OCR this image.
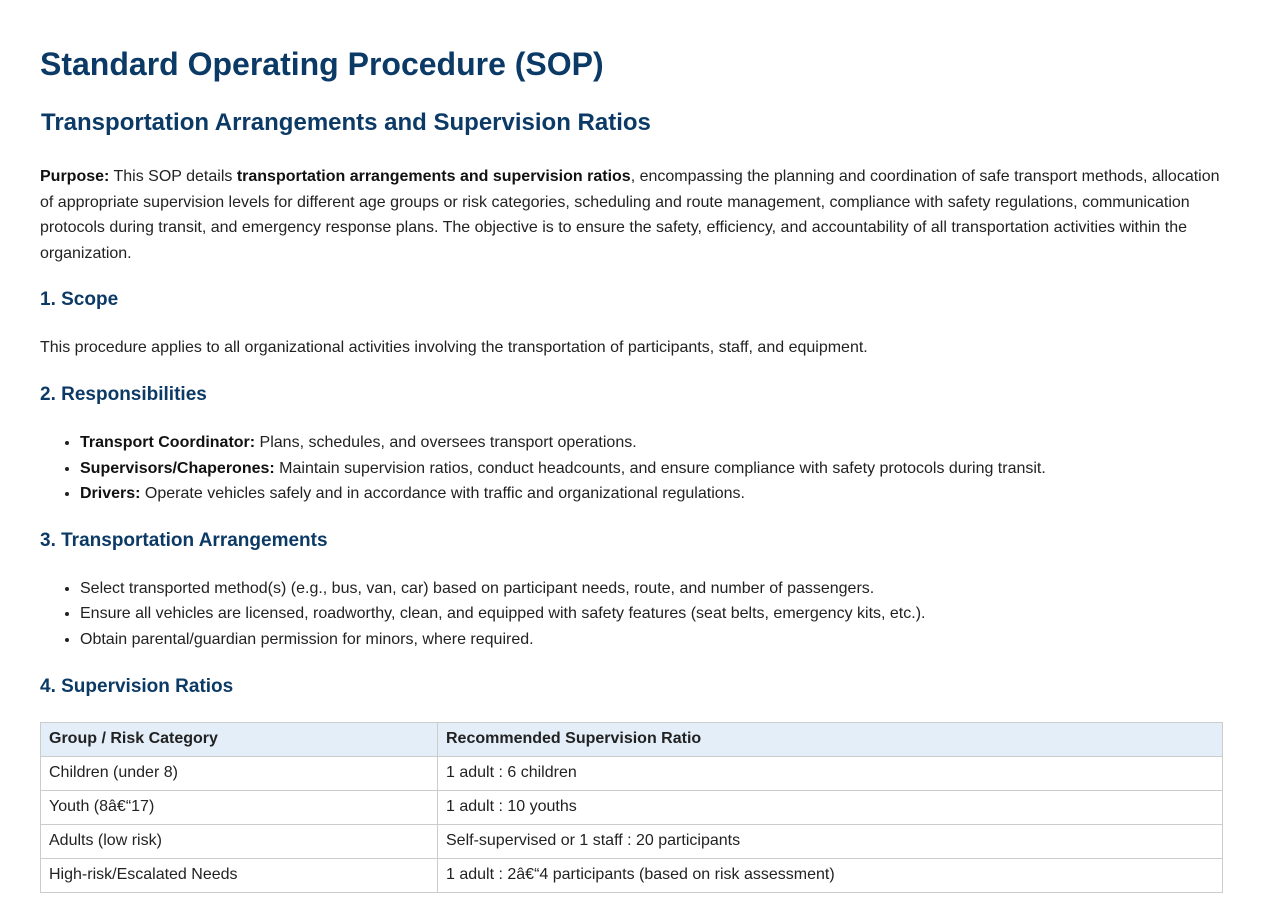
Standard Operating Procedure (SOP)
Transportation Arrangements and Supervision Ratios

Purpose: This SOP details transportation arrangements and supervision ratios, encompassing the planning and coordination of safe transport methods, allocation of appropriate supervision levels for different age groups or risk categories, scheduling and route management, compliance with safety regulations, communication protocols during transit, and emergency response plans. The objective is to ensure the safety, efficiency, and accountability of all transportation activities within the organization.

1. Scope

This procedure applies to all organizational activities involving the transportation of participants, staff, and equipment.

2. Responsibilities
• Transport Coordinator: Plans, schedules, and oversees transport operations.
• Supervisors/Chaperones: Maintain supervision ratios, conduct headcounts, and ensure compliance with safety protocols during transit.
• Drivers: Operate vehicles safely and in accordance with traffic and organizational regulations.
3. Transportation Arrangements
• Select transported method(s) (e.g., bus, van, car) based on participant needs, route, and number of passengers.
• Ensure all vehicles are licensed, roadworthy, clean, and equipped with safety features (seat belts, emergency kits, etc.).
• Obtain parental/guardian permission for minors, where required.
4. Supervision Ratios
Group / Risk Category	Recommended Supervision Ratio
Children (under 8)	1 adult : 6 children
Youth (8â€“17)	1 adult : 10 youths
Adults (low risk)	Self-supervised or 1 staff : 20 participants
High-risk/Escalated Needs	1 adult : 2â€“4 participants (based on risk assessment)
